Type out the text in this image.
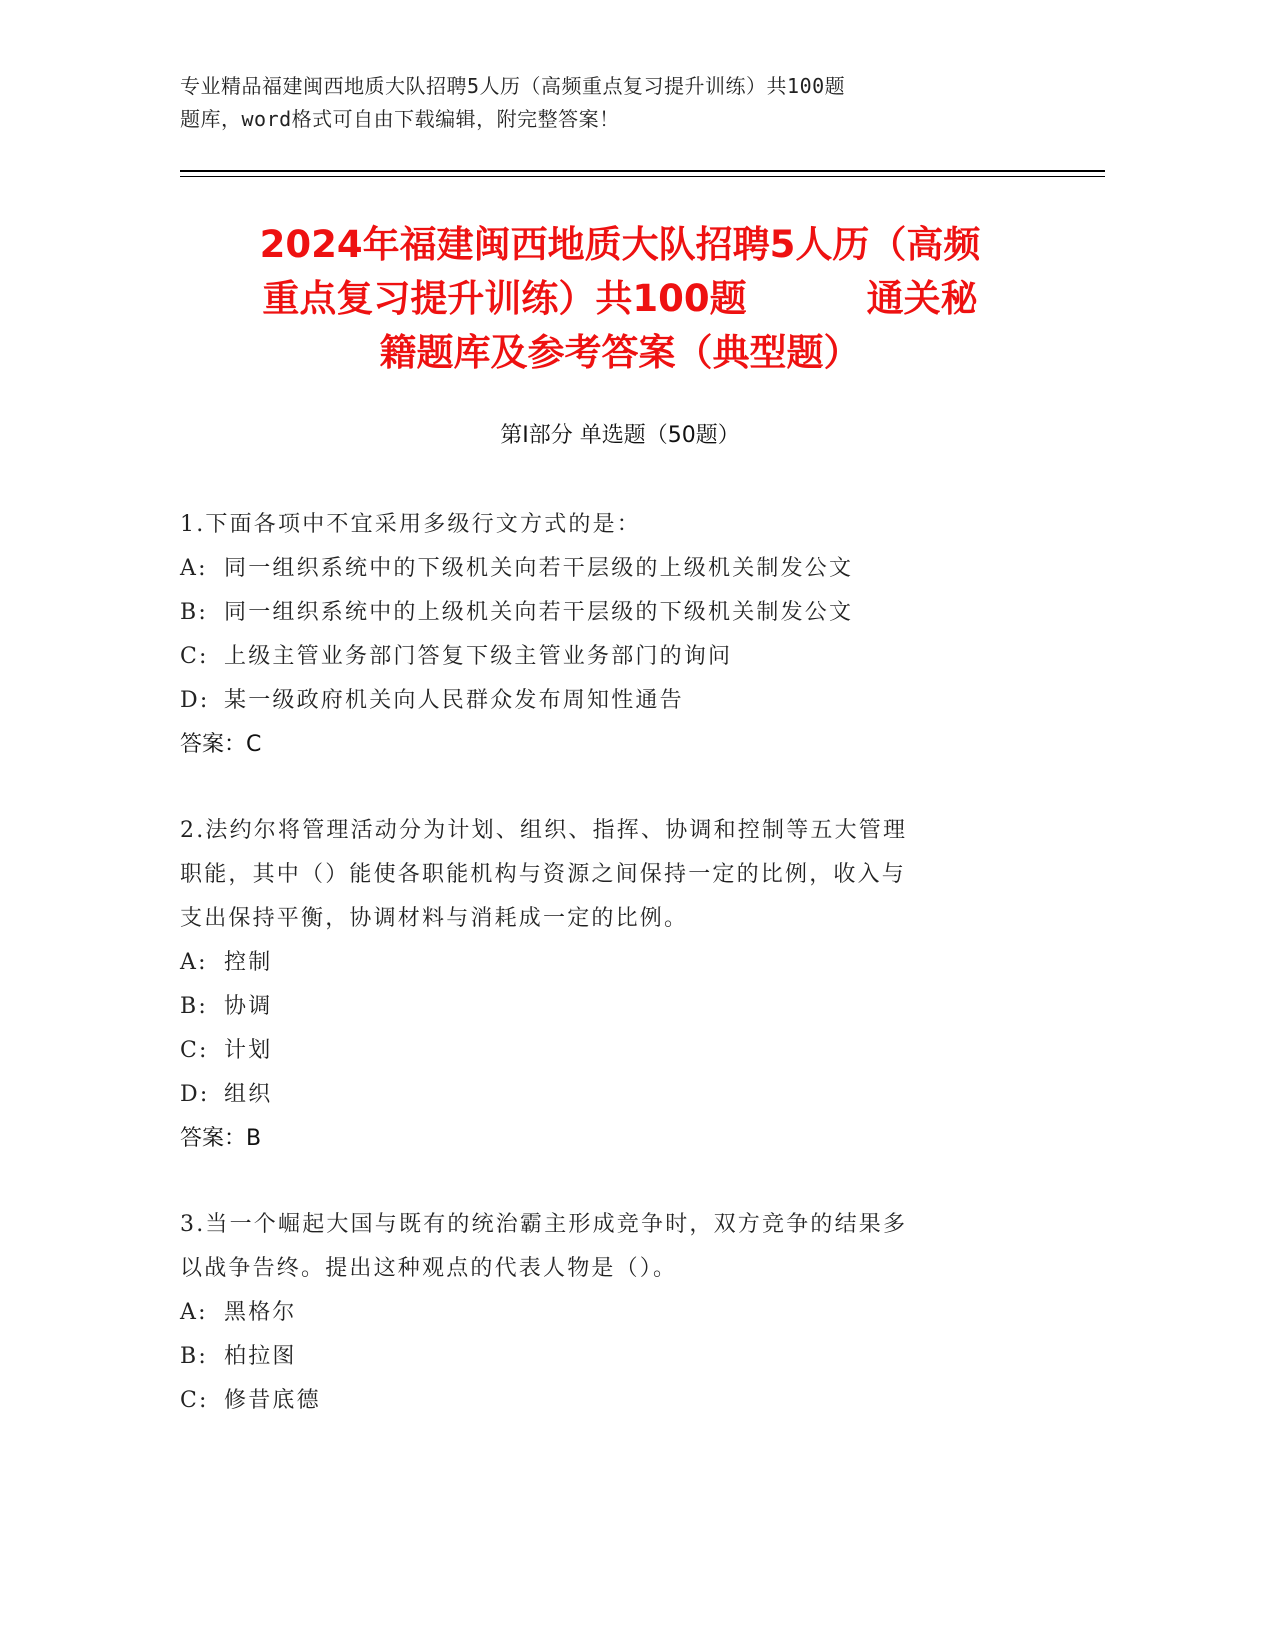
专业精品福建闽西地质大队招聘5人历（高频重点复习提升训练）共100题
题库，word格式可自由下载编辑，附完整答案！
2024年福建闽西地质大队招聘5人历（高频
重点复习提升训练）共100题	通关秘
籍题库及参考答案（典型题）
第Ⅰ部分 单选题（50题）

1.下面各项中不宜采用多级行文方式的是：

A: 同一组织系统中的下级机关向若干层级的上级机关制发公文

B: 同一组织系统中的上级机关向若干层级的下级机关制发公文

C: 上级主管业务部门答复下级主管业务部门的询问

D: 某一级政府机关向人民群众发布周知性通告

答案：C

2.法约尔将管理活动分为计划、组织、指挥、协调和控制等五大管理

职能，其中（）能使各职能机构与资源之间保持一定的比例，收入与

支出保持平衡，协调材料与消耗成一定的比例。

A: 控制

B: 协调

C: 计划

D: 组织

答案：B

3.当一个崛起大国与既有的统治霸主形成竞争时，双方竞争的结果多

以战争告终。提出这种观点的代表人物是（）。

A: 黑格尔

B: 柏拉图

C: 修昔底德
